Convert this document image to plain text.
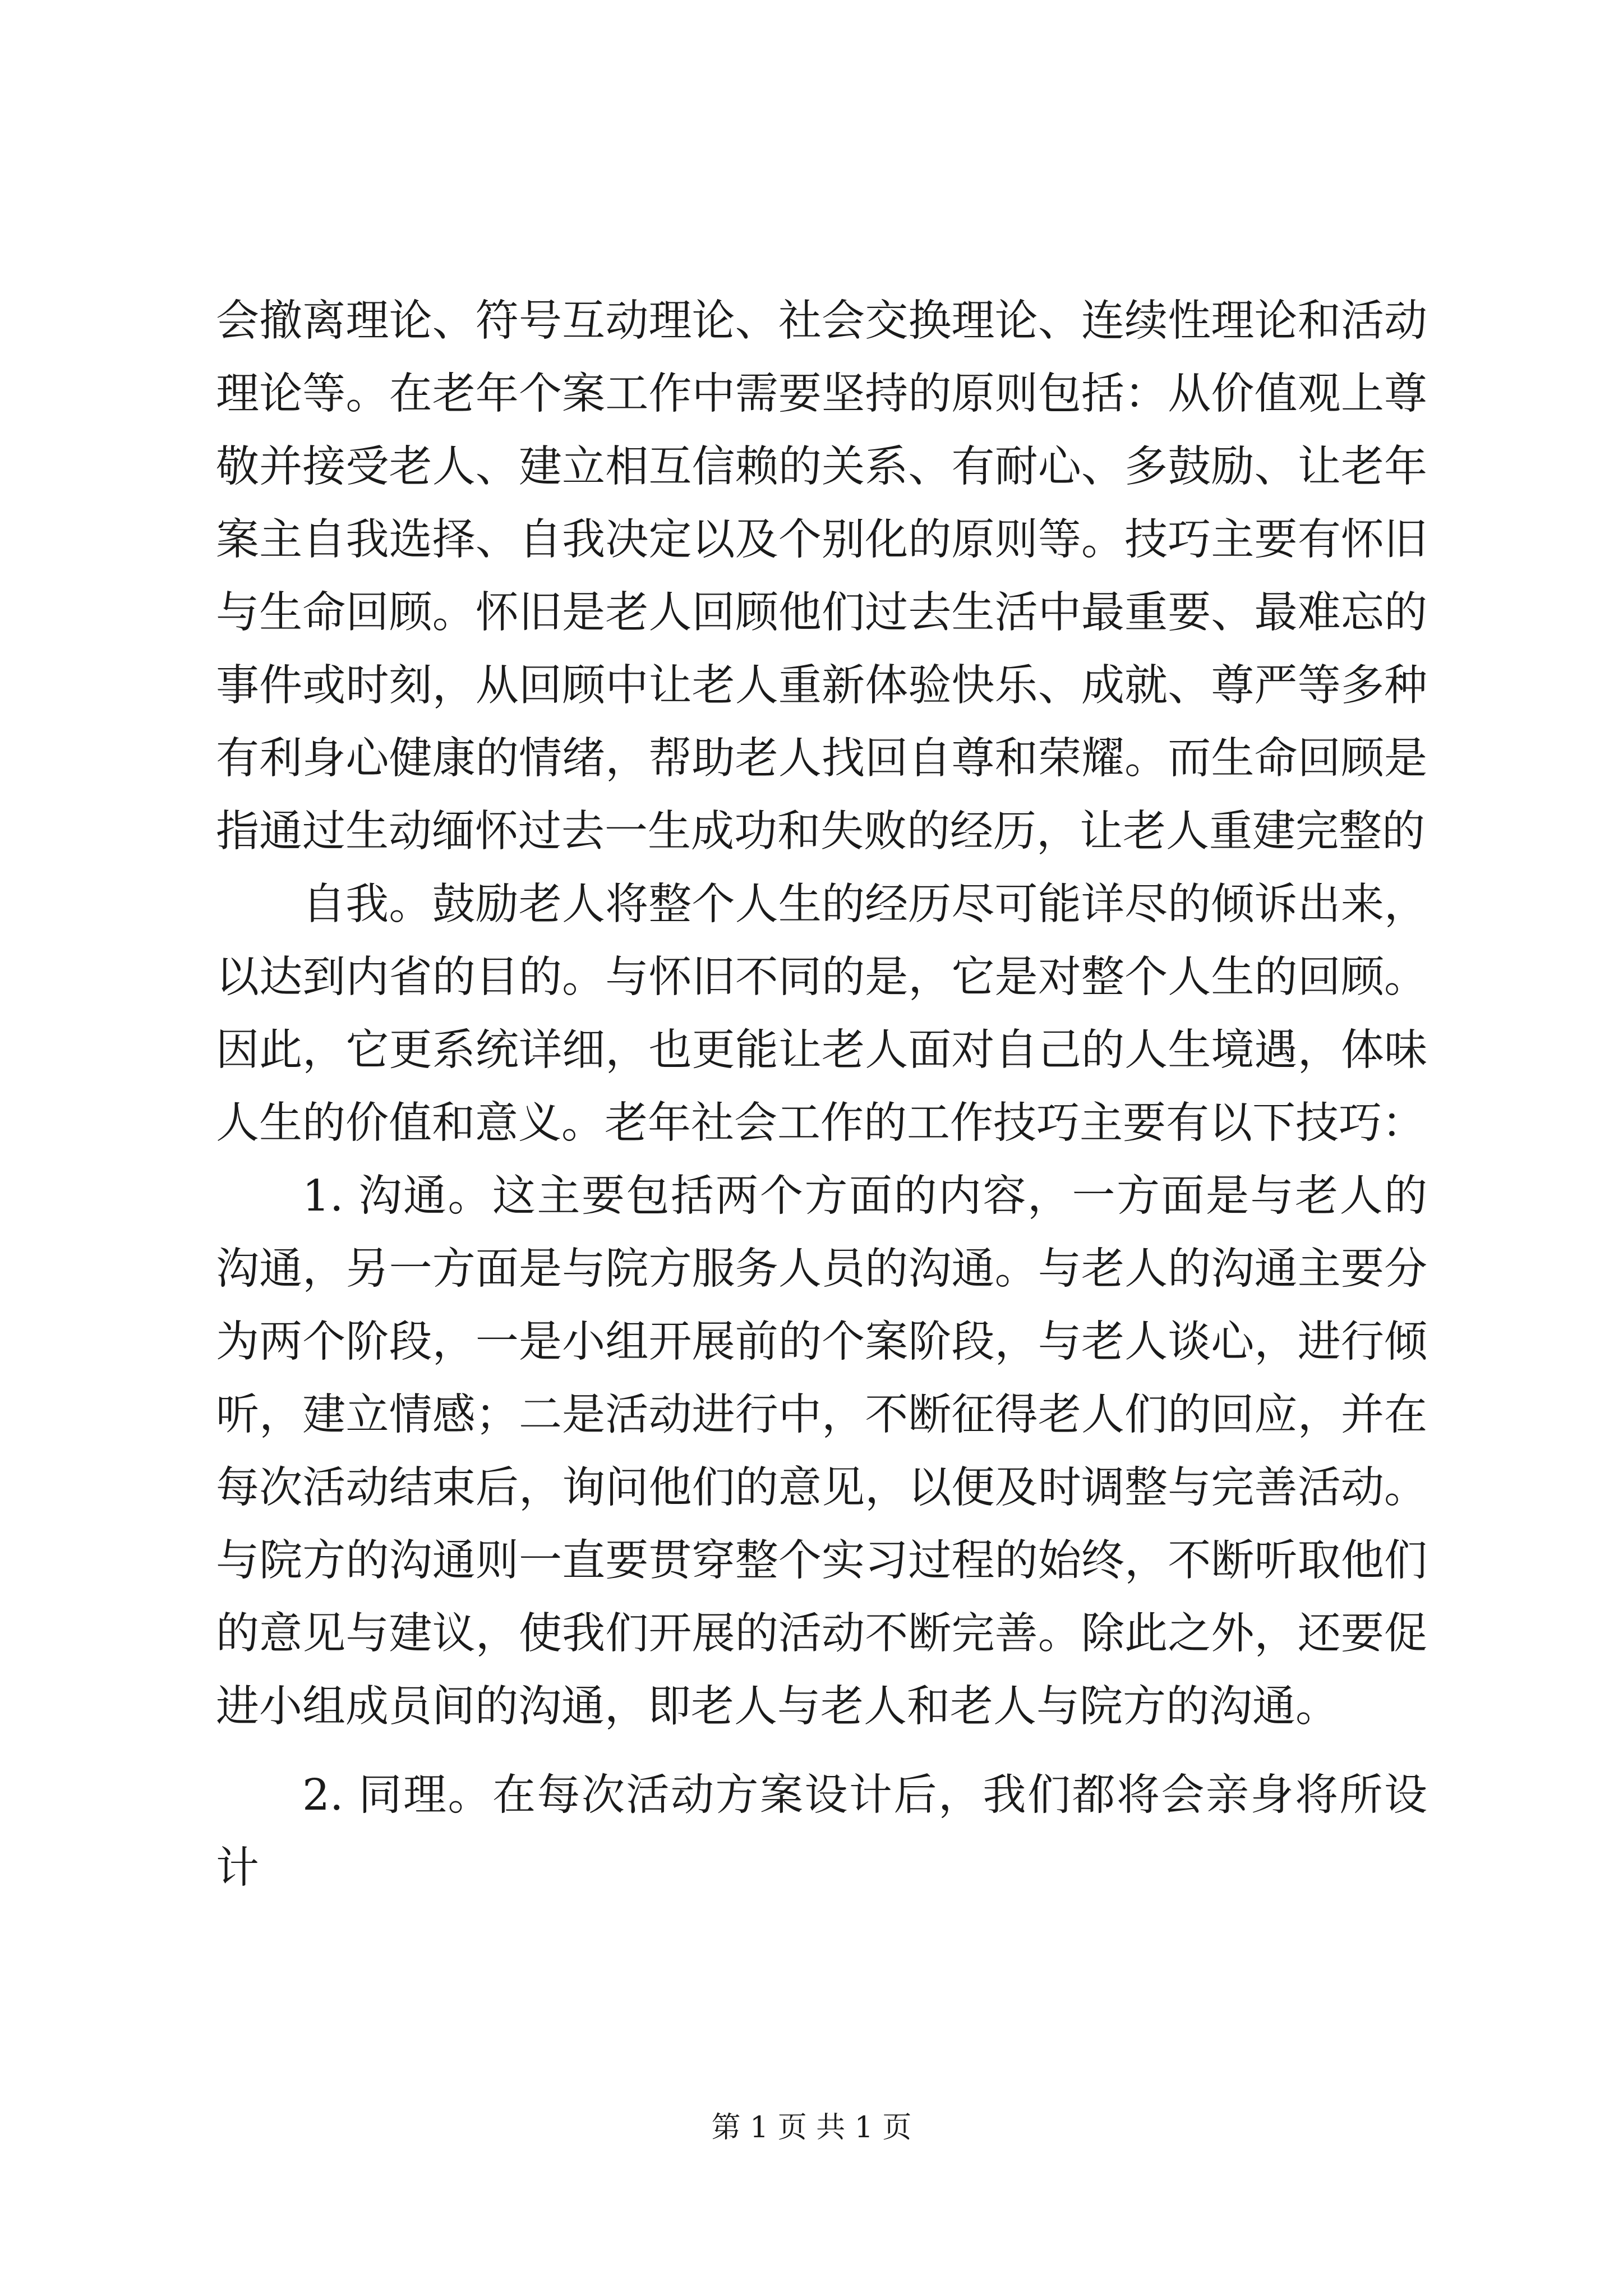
会撤离理论、符号互动理论、社会交换理论、连续性理论和活动理论等。在老年个案工作中需要坚持的原则包括：从价值观上尊敬并接受老人、建立相互信赖的关系、有耐心、多鼓励、让老年案主自我选择、自我决定以及个别化的原则等。技巧主要有怀旧与生命回顾。怀旧是老人回顾他们过去生活中最重要、最难忘的事件或时刻，从回顾中让老人重新体验快乐、成就、尊严等多种有利身心健康的情绪，帮助老人找回自尊和荣耀。而生命回顾是指通过生动缅怀过去一生成功和失败的经历，让老人重建完整的

自我。鼓励老人将整个人生的经历尽可能详尽的倾诉出来，以达到内省的目的。与怀旧不同的是，它是对整个人生的回顾。因此，它更系统详细，也更能让老人面对自己的人生境遇，体味人生的价值和意义。老年社会工作的工作技巧主要有以下技巧：

1. 沟通。这主要包括两个方面的内容，一方面是与老人的沟通，另一方面是与院方服务人员的沟通。与老人的沟通主要分为两个阶段，一是小组开展前的个案阶段，与老人谈心，进行倾听，建立情感；二是活动进行中，不断征得老人们的回应，并在每次活动结束后，询问他们的意见，以便及时调整与完善活动。与院方的沟通则一直要贯穿整个实习过程的始终，不断听取他们的意见与建议，使我们开展的活动不断完善。除此之外，还要促进小组成员间的沟通，即老人与老人和老人与院方的沟通。

2. 同理。在每次活动方案设计后，我们都将会亲身将所设计

第 1 页 共 1 页
